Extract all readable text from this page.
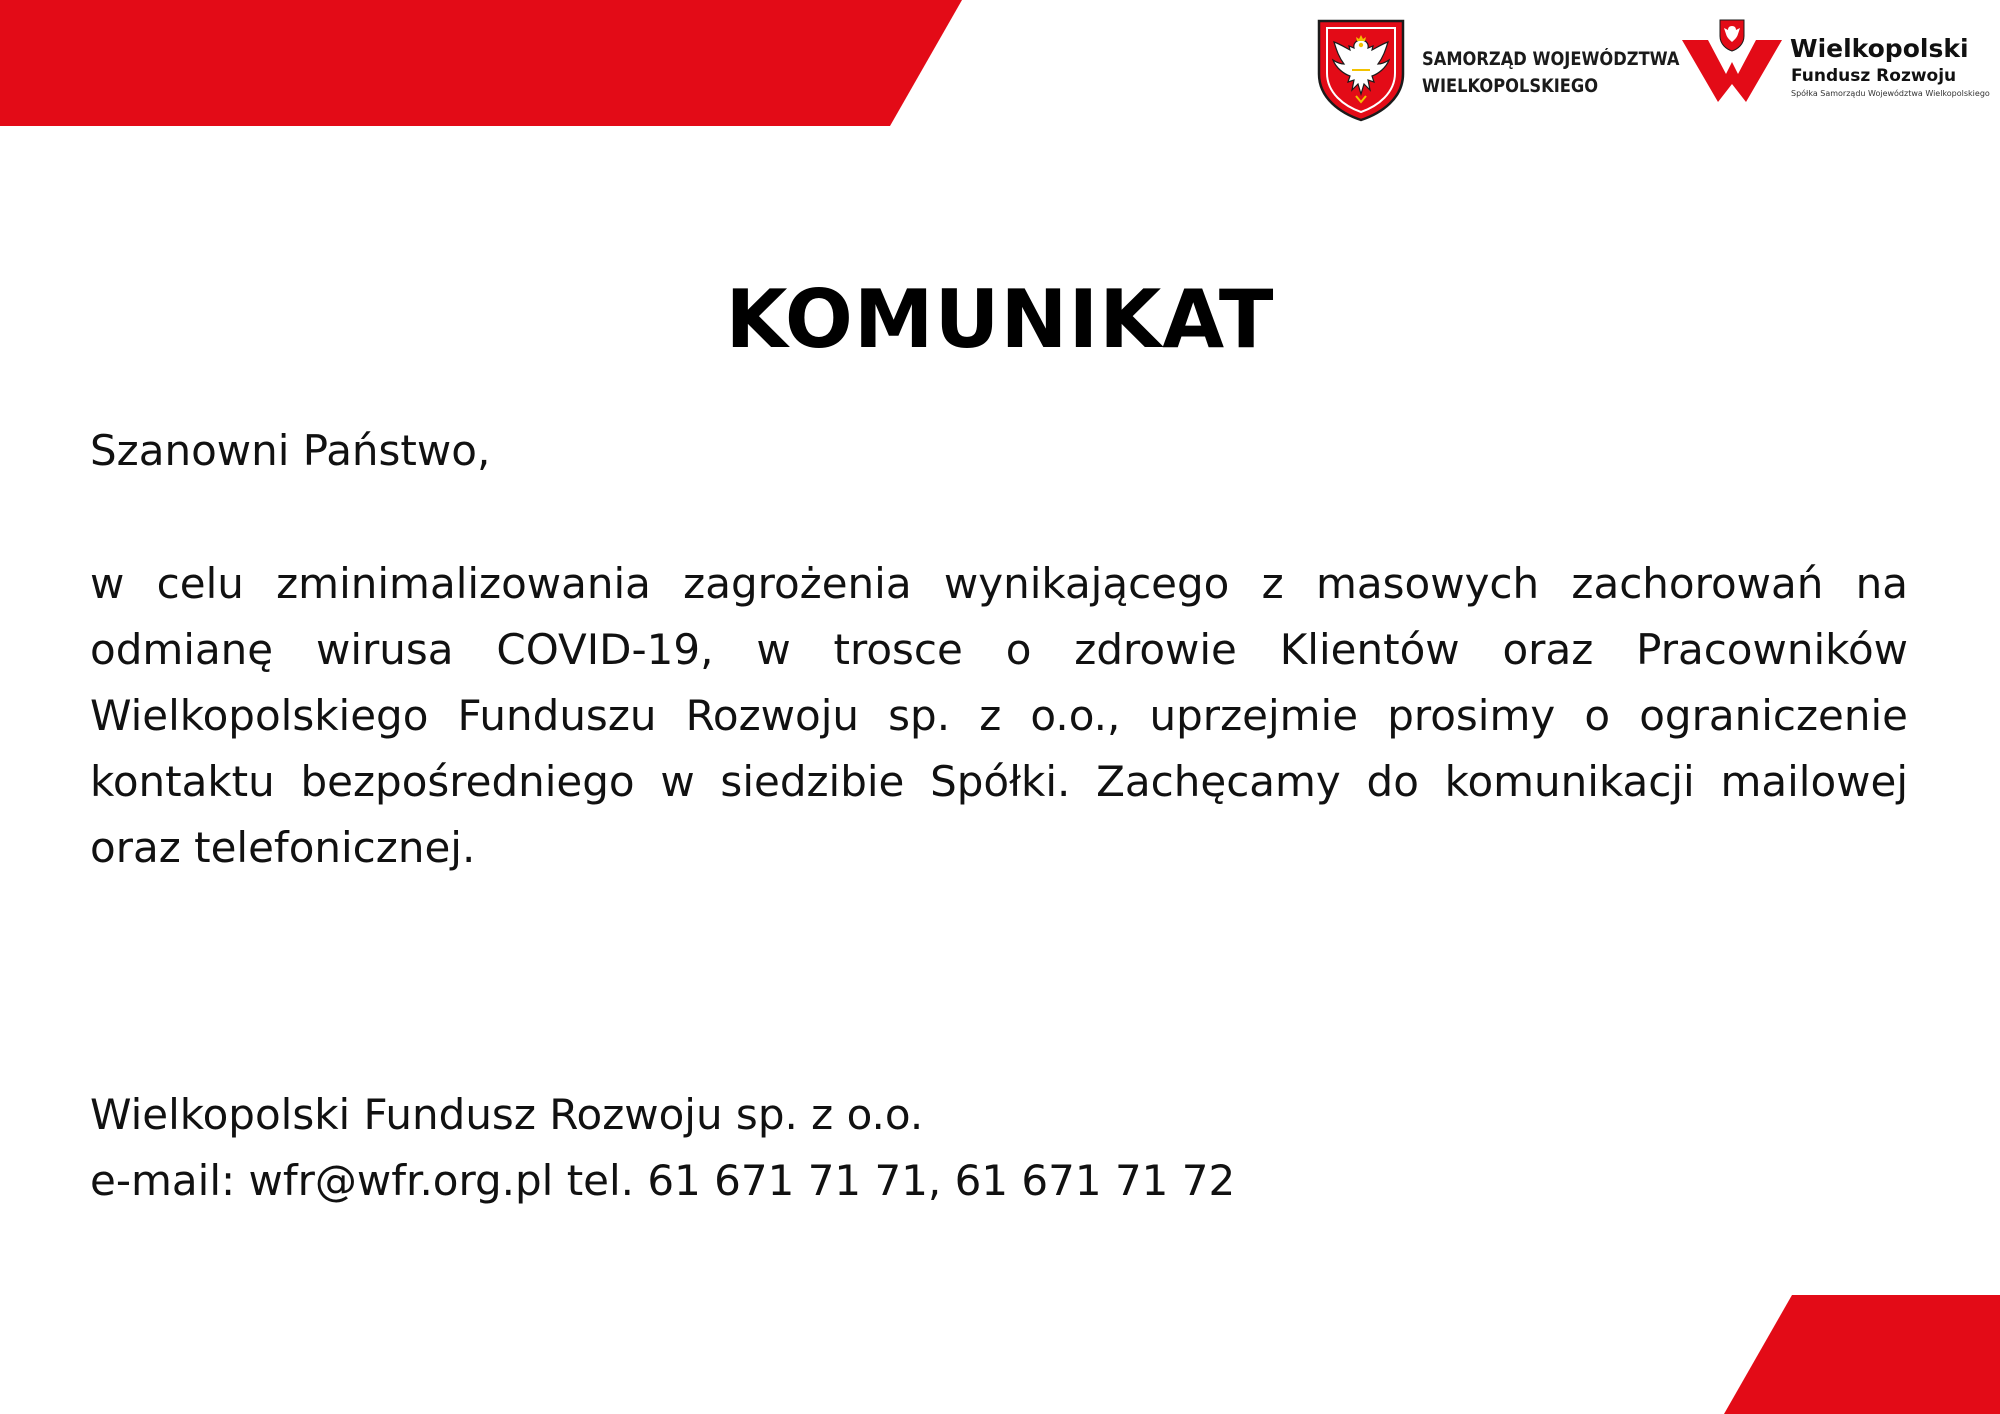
SAMORZĄD WOJEWÓDZTWA
WIELKOPOLSKIEGO
Wielkopolski
Fundusz Rozwoju
Spółka Samorządu Województwa Wielkopolskiego
KOMUNIKAT

Szanowni Państwo,

w celu zminimalizowania zagrożenia wynikającego z masowych zachorowań na odmianę wirusa COVID-19, w trosce o zdrowie Klientów oraz Pracowników Wielkopolskiego Funduszu Rozwoju sp. z o.o., uprzejmie prosimy o ograniczenie kontaktu bezpośredniego w siedzibie Spółki. Zachęcamy do komunikacji mailowej oraz telefonicznej.

Wielkopolski Fundusz Rozwoju sp. z o.o.
e-mail: wfr@wfr.org.pl tel. 61 671 71 71, 61 671 71 72
